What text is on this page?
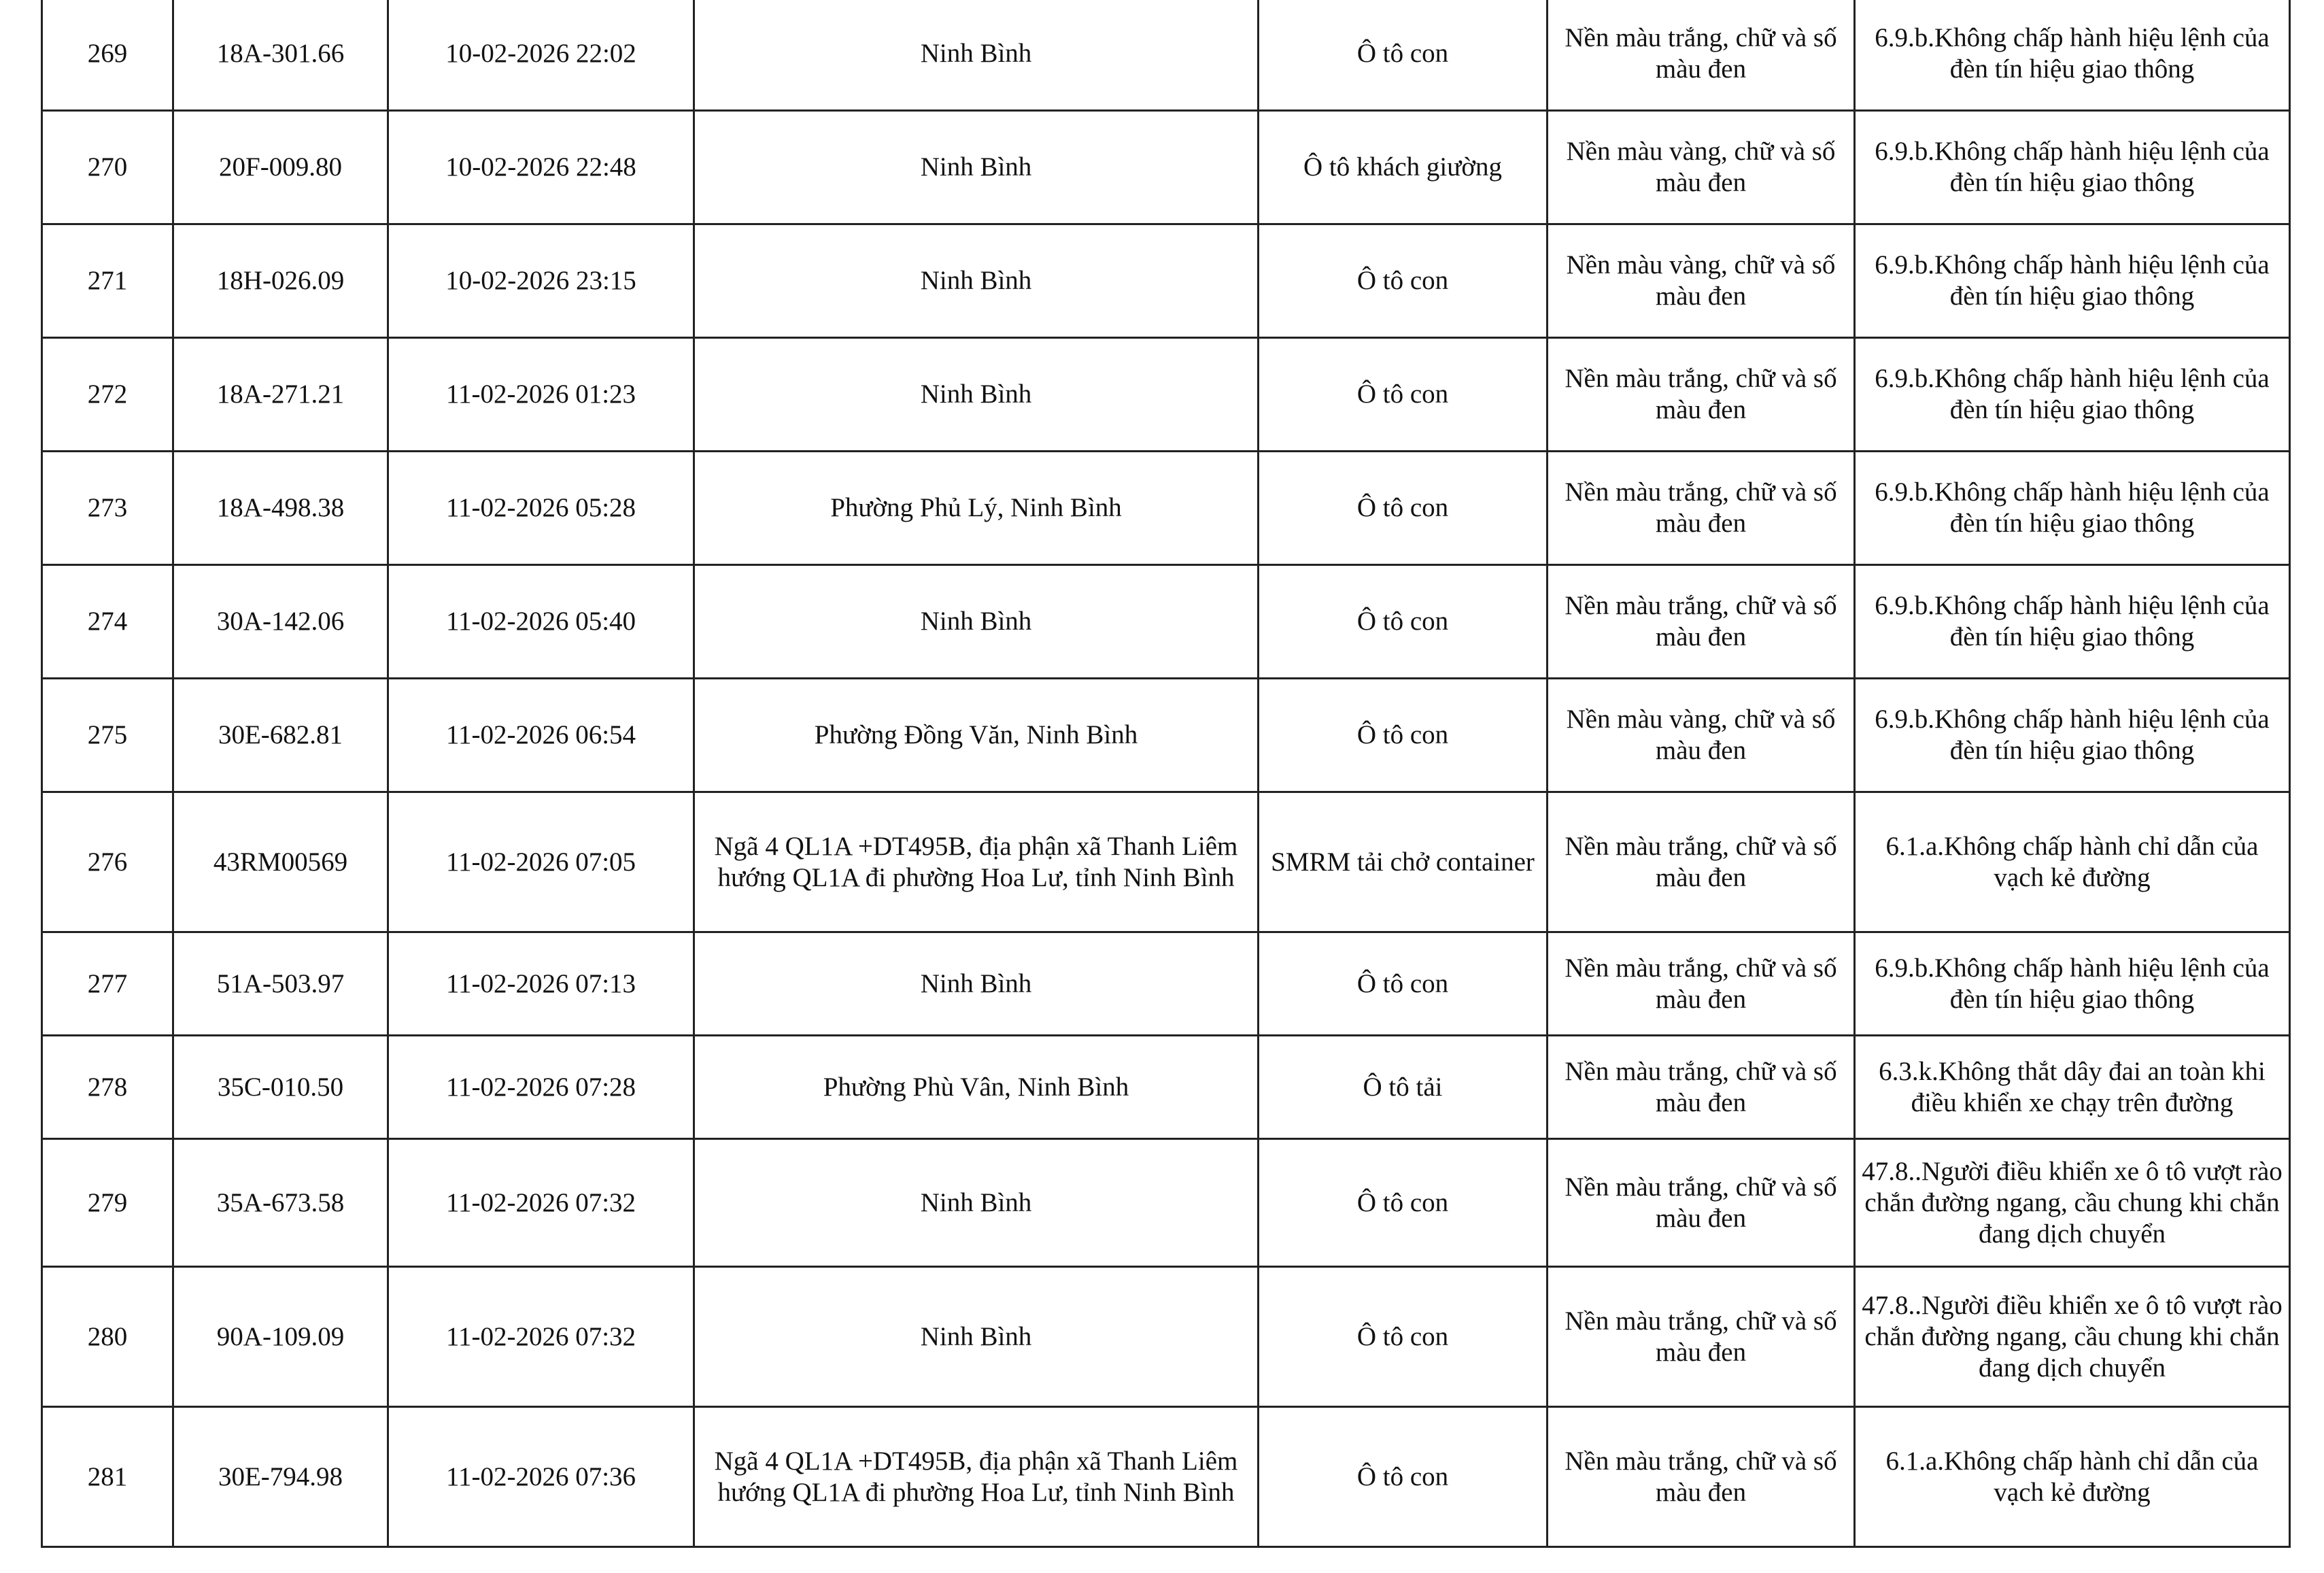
269	18A-301.66	10-02-2026 22:02	Ninh Bình	Ô tô con	Nền màu trắng, chữ và số màu đen	6.9.b.Không chấp hành hiệu lệnh của đèn tín hiệu giao thông
270	20F-009.80	10-02-2026 22:48	Ninh Bình	Ô tô khách giường	Nền màu vàng, chữ và số màu đen	6.9.b.Không chấp hành hiệu lệnh của đèn tín hiệu giao thông
271	18H-026.09	10-02-2026 23:15	Ninh Bình	Ô tô con	Nền màu vàng, chữ và số màu đen	6.9.b.Không chấp hành hiệu lệnh của đèn tín hiệu giao thông
272	18A-271.21	11-02-2026 01:23	Ninh Bình	Ô tô con	Nền màu trắng, chữ và số màu đen	6.9.b.Không chấp hành hiệu lệnh của đèn tín hiệu giao thông
273	18A-498.38	11-02-2026 05:28	Phường Phủ Lý, Ninh Bình	Ô tô con	Nền màu trắng, chữ và số màu đen	6.9.b.Không chấp hành hiệu lệnh của đèn tín hiệu giao thông
274	30A-142.06	11-02-2026 05:40	Ninh Bình	Ô tô con	Nền màu trắng, chữ và số màu đen	6.9.b.Không chấp hành hiệu lệnh của đèn tín hiệu giao thông
275	30E-682.81	11-02-2026 06:54	Phường Đồng Văn, Ninh Bình	Ô tô con	Nền màu vàng, chữ và số màu đen	6.9.b.Không chấp hành hiệu lệnh của đèn tín hiệu giao thông
276	43RM00569	11-02-2026 07:05	Ngã 4 QL1A +DT495B, địa phận xã Thanh Liêm hướng QL1A đi phường Hoa Lư, tỉnh Ninh Bình	SMRM tải chở container	Nền màu trắng, chữ và số màu đen	6.1.a.Không chấp hành chỉ dẫn của vạch kẻ đường
277	51A-503.97	11-02-2026 07:13	Ninh Bình	Ô tô con	Nền màu trắng, chữ và số màu đen	6.9.b.Không chấp hành hiệu lệnh của đèn tín hiệu giao thông
278	35C-010.50	11-02-2026 07:28	Phường Phù Vân, Ninh Bình	Ô tô tải	Nền màu trắng, chữ và số màu đen	6.3.k.Không thắt dây đai an toàn khi điều khiển xe chạy trên đường
279	35A-673.58	11-02-2026 07:32	Ninh Bình	Ô tô con	Nền màu trắng, chữ và số màu đen	47.8..Người điều khiển xe ô tô vượt rào chắn đường ngang, cầu chung khi chắn đang dịch chuyển
280	90A-109.09	11-02-2026 07:32	Ninh Bình	Ô tô con	Nền màu trắng, chữ và số màu đen	47.8..Người điều khiển xe ô tô vượt rào chắn đường ngang, cầu chung khi chắn đang dịch chuyển
281	30E-794.98	11-02-2026 07:36	Ngã 4 QL1A +DT495B, địa phận xã Thanh Liêm hướng QL1A đi phường Hoa Lư, tỉnh Ninh Bình	Ô tô con	Nền màu trắng, chữ và số màu đen	6.1.a.Không chấp hành chỉ dẫn của vạch kẻ đường
